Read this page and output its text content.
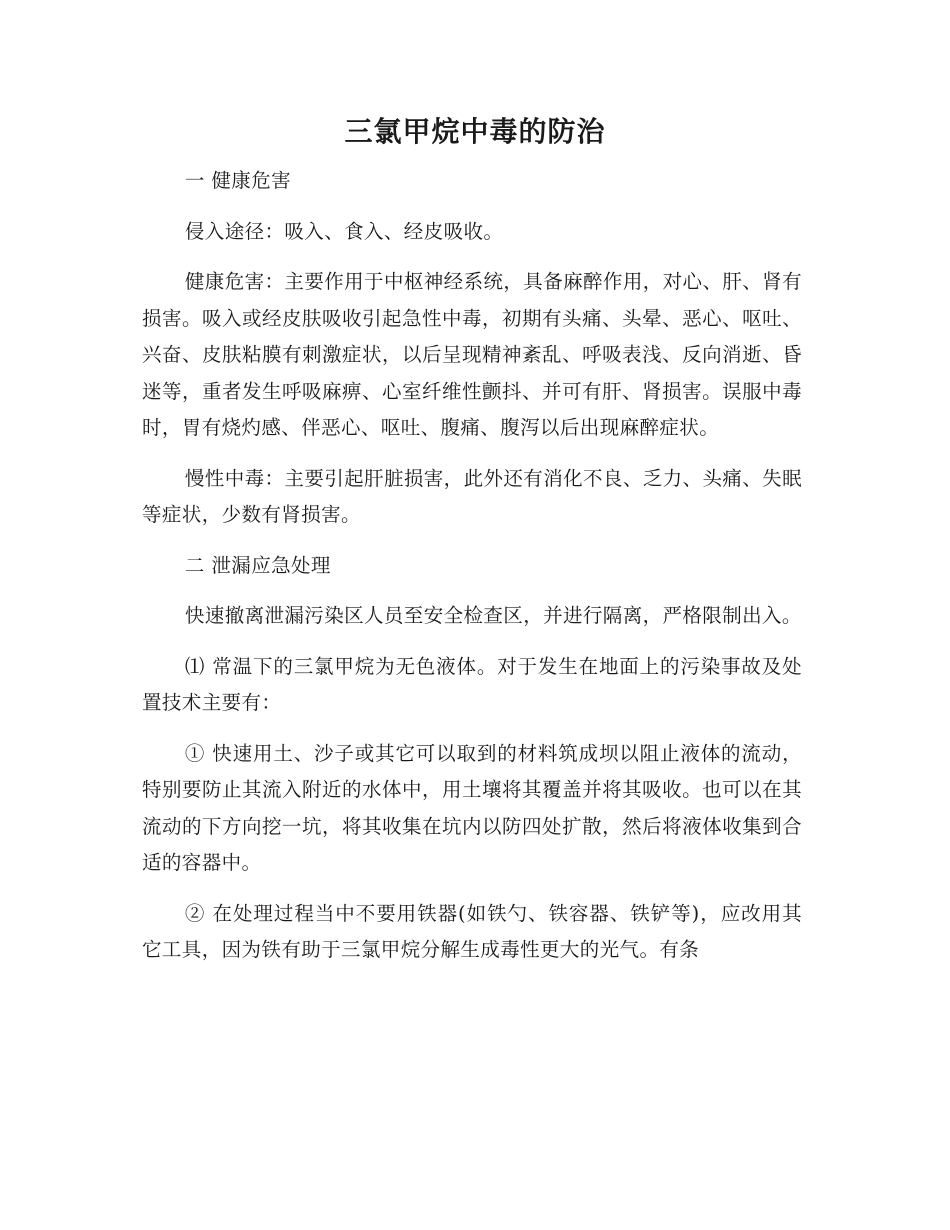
三氯甲烷中毒的防治

一 健康危害

侵入途径：吸入、食入、经皮吸收。

健康危害：主要作用于中枢神经系统，具备麻醉作用，对心、肝、肾有损害。吸入或经皮肤吸收引起急性中毒，初期有头痛、头晕、恶心、呕吐、兴奋、皮肤粘膜有刺激症状，以后呈现精神紊乱、呼吸表浅、反向消逝、昏迷等，重者发生呼吸麻痹、心室纤维性颤抖、并可有肝、肾损害。误服中毒时，胃有烧灼感、伴恶心、呕吐、腹痛、腹泻以后出现麻醉症状。

慢性中毒：主要引起肝脏损害，此外还有消化不良、乏力、头痛、失眠等症状，少数有肾损害。

二 泄漏应急处理

快速撤离泄漏污染区人员至安全检查区，并进行隔离，严格限制出入。

⑴ 常温下的三氯甲烷为无色液体。对于发生在地面上的污染事故及处置技术主要有：

① 快速用土、沙子或其它可以取到的材料筑成坝以阻止液体的流动，特别要防止其流入附近的水体中，用土壤将其覆盖并将其吸收。也可以在其流动的下方向挖一坑，将其收集在坑内以防四处扩散，然后将液体收集到合适的容器中。

② 在处理过程当中不要用铁器(如铁勺、铁容器、铁铲等)，应改用其它工具，因为铁有助于三氯甲烷分解生成毒性更大的光气。有条
